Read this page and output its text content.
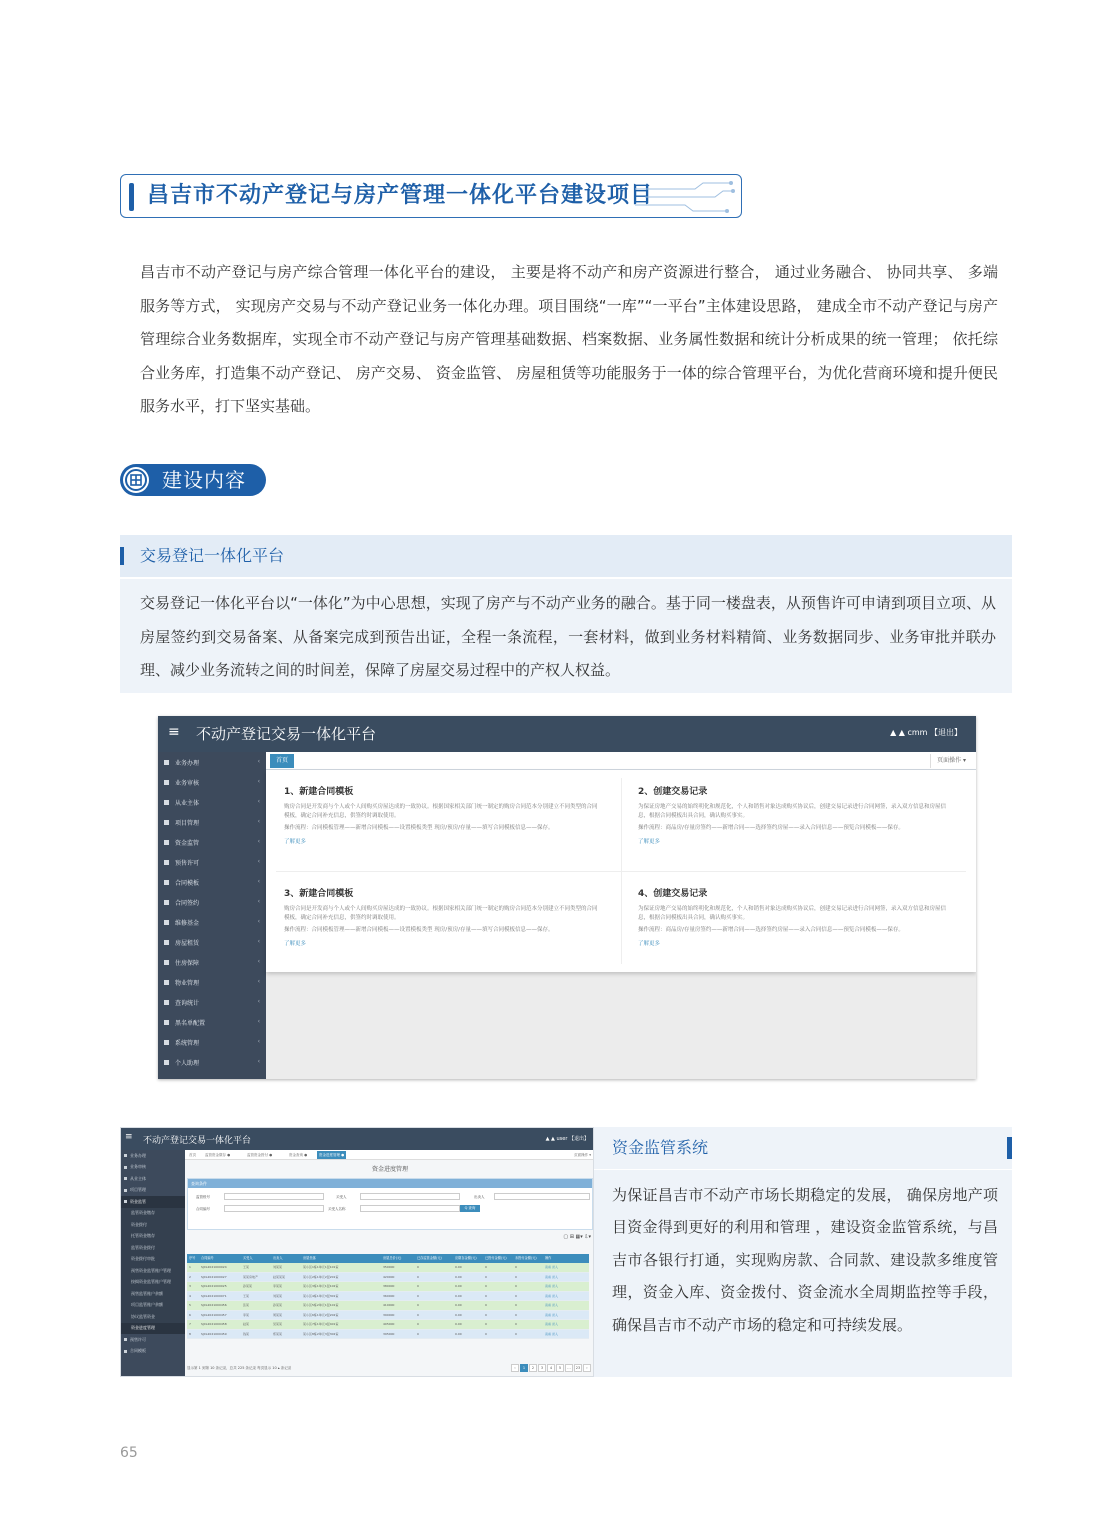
昌吉市不动产登记与房产管理一体化平台建设项目

昌吉市不动产登记与房产综合管理一体化平台的建设， 主要是将不动产和房产资源进行整合， 通过业务融合、 协同共享、 多端服务等方式， 实现房产交易与不动产登记业务一体化办理。项目围绕“一库”“一平台”主体建设思路， 建成全市不动产登记与房产管理综合业务数据库，实现全市不动产登记与房产管理基础数据、档案数据、业务属性数据和统计分析成果的统一管理； 依托综合业务库，打造集不动产登记、 房产交易、 资金监管、 房屋租赁等功能服务于一体的综合管理平台，为优化营商环境和提升便民服务水平，打下坚实基础。

建设内容
交易登记一体化平台

交易登记一体化平台以“一体化”为中心思想，实现了房产与不动产业务的融合。基于同一楼盘表，从预售许可申请到项目立项、从房屋签约到交易备案、从备案完成到预告出证，全程一条流程，一套材料，做到业务材料精简、业务数据同步、业务审批并联办理、减少业务流转之间的时间差，保障了房屋交易过程中的产权人权益。

≡ 不动产登记交易一体化平台	▲ ▲ cmm 【退出】
业务办理	‹
业务审核	‹
从业主体	‹
项目管理	‹
资金监管	‹
预售许可	‹
合同模板	‹
合同签约	‹
维修基金	‹
房屋租赁	‹
住房保障	‹
物业管理	‹
查询统计	‹
黑名单配置	‹
系统管理	‹
个人助理	‹
首页	页面操作 ▾
1、新建合同模板
购房合同是开发商与个人或个人间购买房屋达成的一致协议。根据国家相关部门统一制定的购房合同范本分别建立不同类型的合同模板，确定合同补充信息，供签约时调取使用。
操作流程：合同模板管理——新增合同模板——设置模板类型 现房/预房/存量——填写合同模板信息——保存。
了解更多
2、创建交易记录
为保证房地产交易的始终明化和规范化，个人和销售对象达成购买协议后，创建交易记录进行合同网签，录入双方信息和房屋信息，根据合同模板出具合同，确认购买事实。
操作流程：商品房/存量房签约——新增合同——选择签约房屋——录入合同信息——预览合同模板——保存。
了解更多
3、新建合同模板
购房合同是开发商与个人或个人间购买房屋达成的一致协议。根据国家相关部门统一制定的购房合同范本分别建立不同类型的合同模板，确定合同补充信息，供签约时调取使用。
操作流程：合同模板管理——新增合同模板——设置模板类型 现房/预房/存量——填写合同模板信息——保存。
了解更多
4、创建交易记录
为保证房地产交易的始终明化和规范化，个人和销售对象达成购买协议后，创建交易记录进行合同网签，录入双方信息和房屋信息，根据合同模板出具合同，确认购买事实。
操作流程：商品房/存量房签约——新增合同——选择签约房屋——录入合同信息——预览合同模板——保存。
了解更多
≡ 不动产登记交易一体化平台	▲ ▲ user 【退出】
业务办理
业务审核
从业主体
项目管理
资金监管
监管资金缴存
资金拨付
托管资金缴存
监管资金拨付
资金拨付审批
预售资金监管账户管理
按揭资金监管账户管理
预售监管账户余额
项目监管账户余额
协议监管资金
资金进度管理
预售许可
合同模板
页面操作 ▾
首页	监管资金缴存 ●	监管资金拨付 ●	资金查询 ●	资金进度管理 ●
资金进度管理
查询条件
监管账号	买受人	出卖人
合同编号	买受人名称	Q 查询
▢ ⊞ ▦▾ ⇩▾
序号	合同编号	买受人	出卖人	房屋坐落	房屋总价(元)	已存监管金额(元)	应缴存金额(元)	已拨付金额(元)	未拨付金额(元)	操作
1	SJXL2021000024	王某	刘某某	某小区1栋1单元1层101室	350000	0	0.00	0	0	查看 录入
2	SJXL2021000027	某某房地产	赵某某某	某小区2栋1单元2层201室	420000	0	0.00	0	0	查看 录入
3	SJXL2021000025	孙某某	李某某	某小区3栋1单元1层102室	380000	0	0.00	0	0	查看 录入
4	SJXL2021000071	王某	刘某某	某小区4栋1单元3层301室	360000	0	0.00	0	0	查看 录入
5	SJXL2021000456	张某	孙某某	某小区5栋2单元1层101室	410000	0	0.00	0	0	查看 录入
6	SJXL2021000457	李某	周某某	某小区6栋1单元2层202室	390000	0	0.00	0	0	查看 录入
7	SJXL2021000458	赵某	吴某某	某小区7栋1单元4层401室	405000	0	0.00	0	0	查看 录入
8	SJXL2021000459	钱某	郑某某	某小区8栋2单元3层302室	395000	0	0.00	0	0	查看 录入
显示第 1 到第 10 条记录，总共 225 条记录 每页显示 10 ▴ 条记录	‹	1	2	3	4	5	…	23	›
资金监管系统

为保证昌吉市不动产市场长期稳定的发展， 确保房地产项目资金得到更好的利用和管理 ，建设资金监管系统，与昌吉市各银行打通，实现购房款、合同款、建设款多维度管理，资金入库、资金拨付、资金流水全周期监控等手段， 确保昌吉市不动产市场的稳定和可持续发展。

65
